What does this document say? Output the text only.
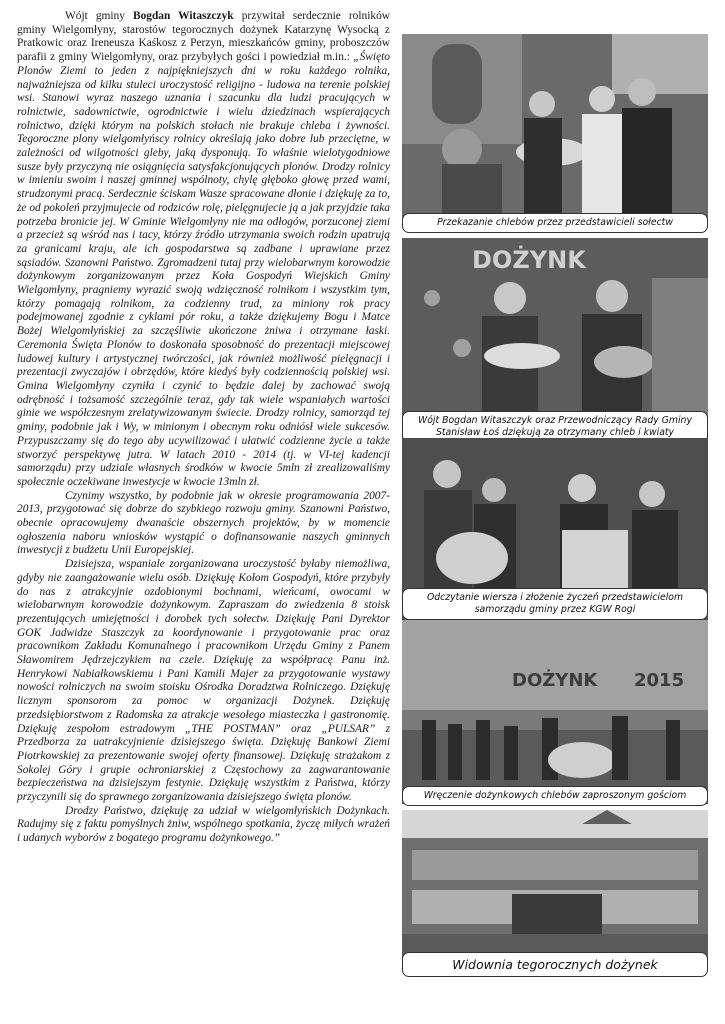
Wójt gminy Bogdan Witaszczyk przywitał serdecznie rolników gminy Wielgomłyny, starostów tegorocznych dożynek Katarzynę Wysocką z Pratkowic oraz Ireneusza Kaśkosz z Perzyn, mieszkańców gminy, proboszczów parafii z gminy Wielgomłyny, oraz przybyłych gości i powiedział m.in.: „Święto Plonów Ziemi to jeden z najpiękniejszych dni w roku każdego rolnika, najważniejsza od kilku stuleci uroczystość religijno - ludowa na terenie polskiej wsi. Stanowi wyraz naszego uznania i szacunku dla ludzi pracujących w rolnictwie, sadownictwie, ogrodnictwie i wielu dziedzinach wspierających rolnictwo, dzięki którym na polskich stołach nie brakuje chleba i żywności. Tegoroczne plony wielgomłyńscy rolnicy określają jako dobre lub przeciętne, w zależności od wilgotności gleby, jaką dysponują. To właśnie wielotygodniowe susze były przyczyną nie osiągnięcia satysfakcjonujących plonów. Drodzy rolnicy w imieniu swoim i naszej gminnej wspólnoty, chylę głęboko głowę przed wami, strudzonymi pracą. Serdecznie ściskam Wasze spracowane dłonie i dziękuję za to, że od pokoleń przyjmujecie od rodziców rolę, pielęgnujecie ją a jak przyjdzie taka potrzeba bronicie jej. W Gminie Wielgomłyny nie ma odłogów, porzuconej ziemi a przecież są wśród nas i tacy, którzy źródło utrzymania swoich rodzin upatrują za granicami kraju, ale ich gospodarstwa są zadbane i uprawiane przez sąsiadów. Szanowni Państwo. Zgromadzeni tutaj przy wielobarwnym korowodzie dożynkowym zorganizowanym przez Koła Gospodyń Wiejskich Gminy Wielgomłyny, pragniemy wyrazić swoją wdzięczność rolnikom i wszystkim tym, którzy pomagają rolnikom, za codzienny trud, za miniony rok pracy podejmowanej zgodnie z cyklami pór roku, a także dziękujemy Bogu i Matce Bożej Wielgomłyńskiej za szczęśliwie ukończone żniwa i otrzymane łaski. Ceremonia Święta Plonów to doskonała sposobność do prezentacji miejscowej ludowej kultury i artystycznej twórczości, jak również możliwość pielęgnacji i prezentacji zwyczajów i obrzędów, które kiedyś były codziennością polskiej wsi. Gmina Wielgomłyny czyniła i czynić to będzie dalej by zachować swoją odrębność i tożsamość szczególnie teraz, gdy tak wiele wspaniałych wartości ginie we współczesnym zrelatywizowanym świecie. Drodzy rolnicy, samorząd tej gminy, podobnie jak i Wy, w minionym i obecnym roku odniósł wiele sukcesów. Przypuszczamy się do tego aby ucywilizować i ułatwić codzienne życie a także stworzyć perspektywę jutra. W latach 2010 - 2014 (tj. w VI-tej kadencji samorządu) przy udziale własnych środków w kwocie 5mln zł zrealizowaliśmy społecznie oczekiwane inwestycje w kwocie 13mln zł.

Czynimy wszystko, by podobnie jak w okresie programowania 2007-2013, przygotować się dobrze do szybkiego rozwoju gminy. Szanowni Państwo, obecnie opracowujemy dwanaście obszernych projektów, by w momencie ogłoszenia naboru wniosków wystąpić o dofinansowanie naszych gminnych inwestycji z budżetu Unii Europejskiej.

Dzisiejsza, wspaniale zorganizowana uroczystość byłaby niemożliwa, gdyby nie zaangażowanie wielu osób. Dziękuję Kołom Gospodyń, które przybyły do nas z atrakcyjnie ozdobionymi bochnami, wieńcami, owocami w wielobarwnym korowodzie dożynkowym. Zapraszam do zwiedzenia 8 stoisk prezentujących umiejętności i dorobek tych sołectw. Dziękuję Pani Dyrektor GOK Jadwidze Staszczyk za koordynowanie i przygotowanie prac oraz pracownikom Zakładu Komunalnego i pracownikom Urzędu Gminy z Panem Sławomirem Jędrzejczykiem na czele. Dziękuję za współpracę Panu inż. Henrykowi Nabiałkowskiemu i Pani Kamili Majer za przygotowanie wystawy nowości rolniczych na swoim stoisku Ośrodka Doradztwa Rolniczego. Dziękuję licznym sponsorom za pomoc w organizacji Dożynek. Dziękuję przedsiębiorstwom z Radomska za atrakcje wesołego miasteczka i gastronomię. Dziękuję zespołom estradowym „THE POSTMAN” oraz „PULSAR” z Przedborza za uatrakcyjnienie dzisiejszego święta. Dziękuję Bankowi Ziemi Piotrkowskiej za prezentowanie swojej oferty finansowej. Dziękuję strażakom z Sokolej Góry i grupie ochroniarskiej z Częstochowy za zagwarantowanie bezpieczeństwa na dzisiejszym festynie. Dziękuję wszystkim z Państwa, którzy przyczynili się do sprawnego zorganizowania dzisiejszego święta plonów.

Drodzy Państwo, dziękuję za udział w wielgomłyńskich Dożynkach. Radujmy się z faktu pomyślnych żniw, wspólnego spotkania, życzę miłych wrażeń i udanych wyborów z bogatego programu dożynkowego.”

Przekazanie chlebów przez przedstawicieli sołectw
DOŻYNK
Wójt Bogdan Witaszczyk oraz Przewodniczący Rady Gminy
Stanisław Łoś dziękują za otrzymany chleb i kwiaty
Odczytanie wiersza i złożenie życzeń przedstawicielom
samorządu gminy przez KGW Rogi
DOŻYNK 2015
Wręczenie dożynkowych chlebów zaproszonym gościom
Widownia tegorocznych dożynek
